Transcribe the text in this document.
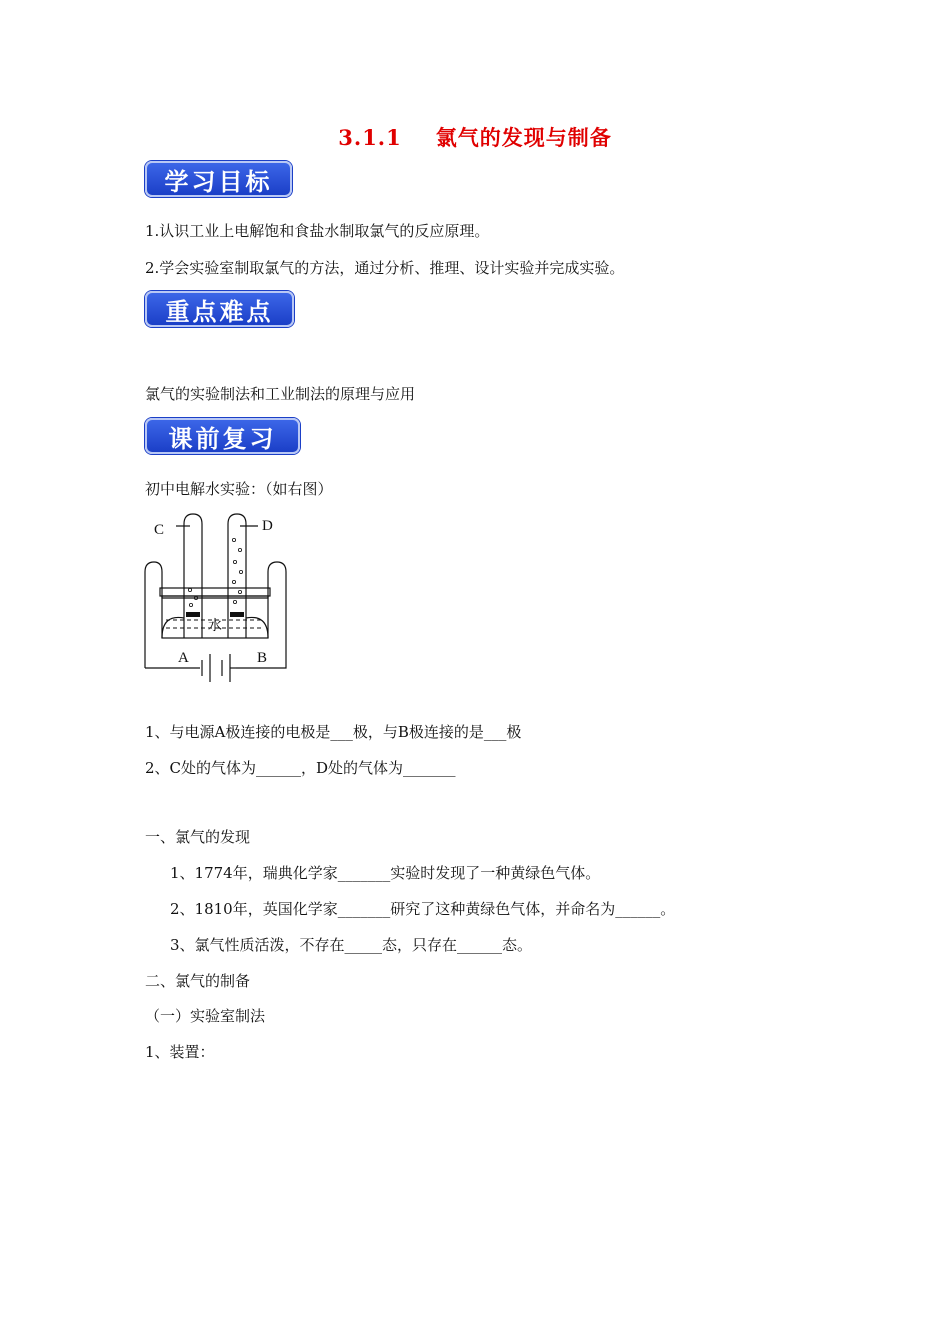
3.1.1 氯气的发现与制备
学习目标
1.认识工业上电解饱和食盐水制取氯气的反应原理。
2.学会实验室制取氯气的方法，通过分析、推理、设计实验并完成实验。
重点难点
氯气的实验制法和工业制法的原理与应用
课前复习
初中电解水实验：（如右图）
C	D
A	B
水
1、与电源A极连接的电极是___极，与B极连接的是___极
2、C处的气体为______，D处的气体为_______
一、氯气的发现
1、1774年，瑞典化学家_______实验时发现了一种黄绿色气体。
2、1810年，英国化学家_______研究了这种黄绿色气体，并命名为______。
3、氯气性质活泼，不存在_____态，只存在______态。
二、氯气的制备
（一）实验室制法
1、装置：
